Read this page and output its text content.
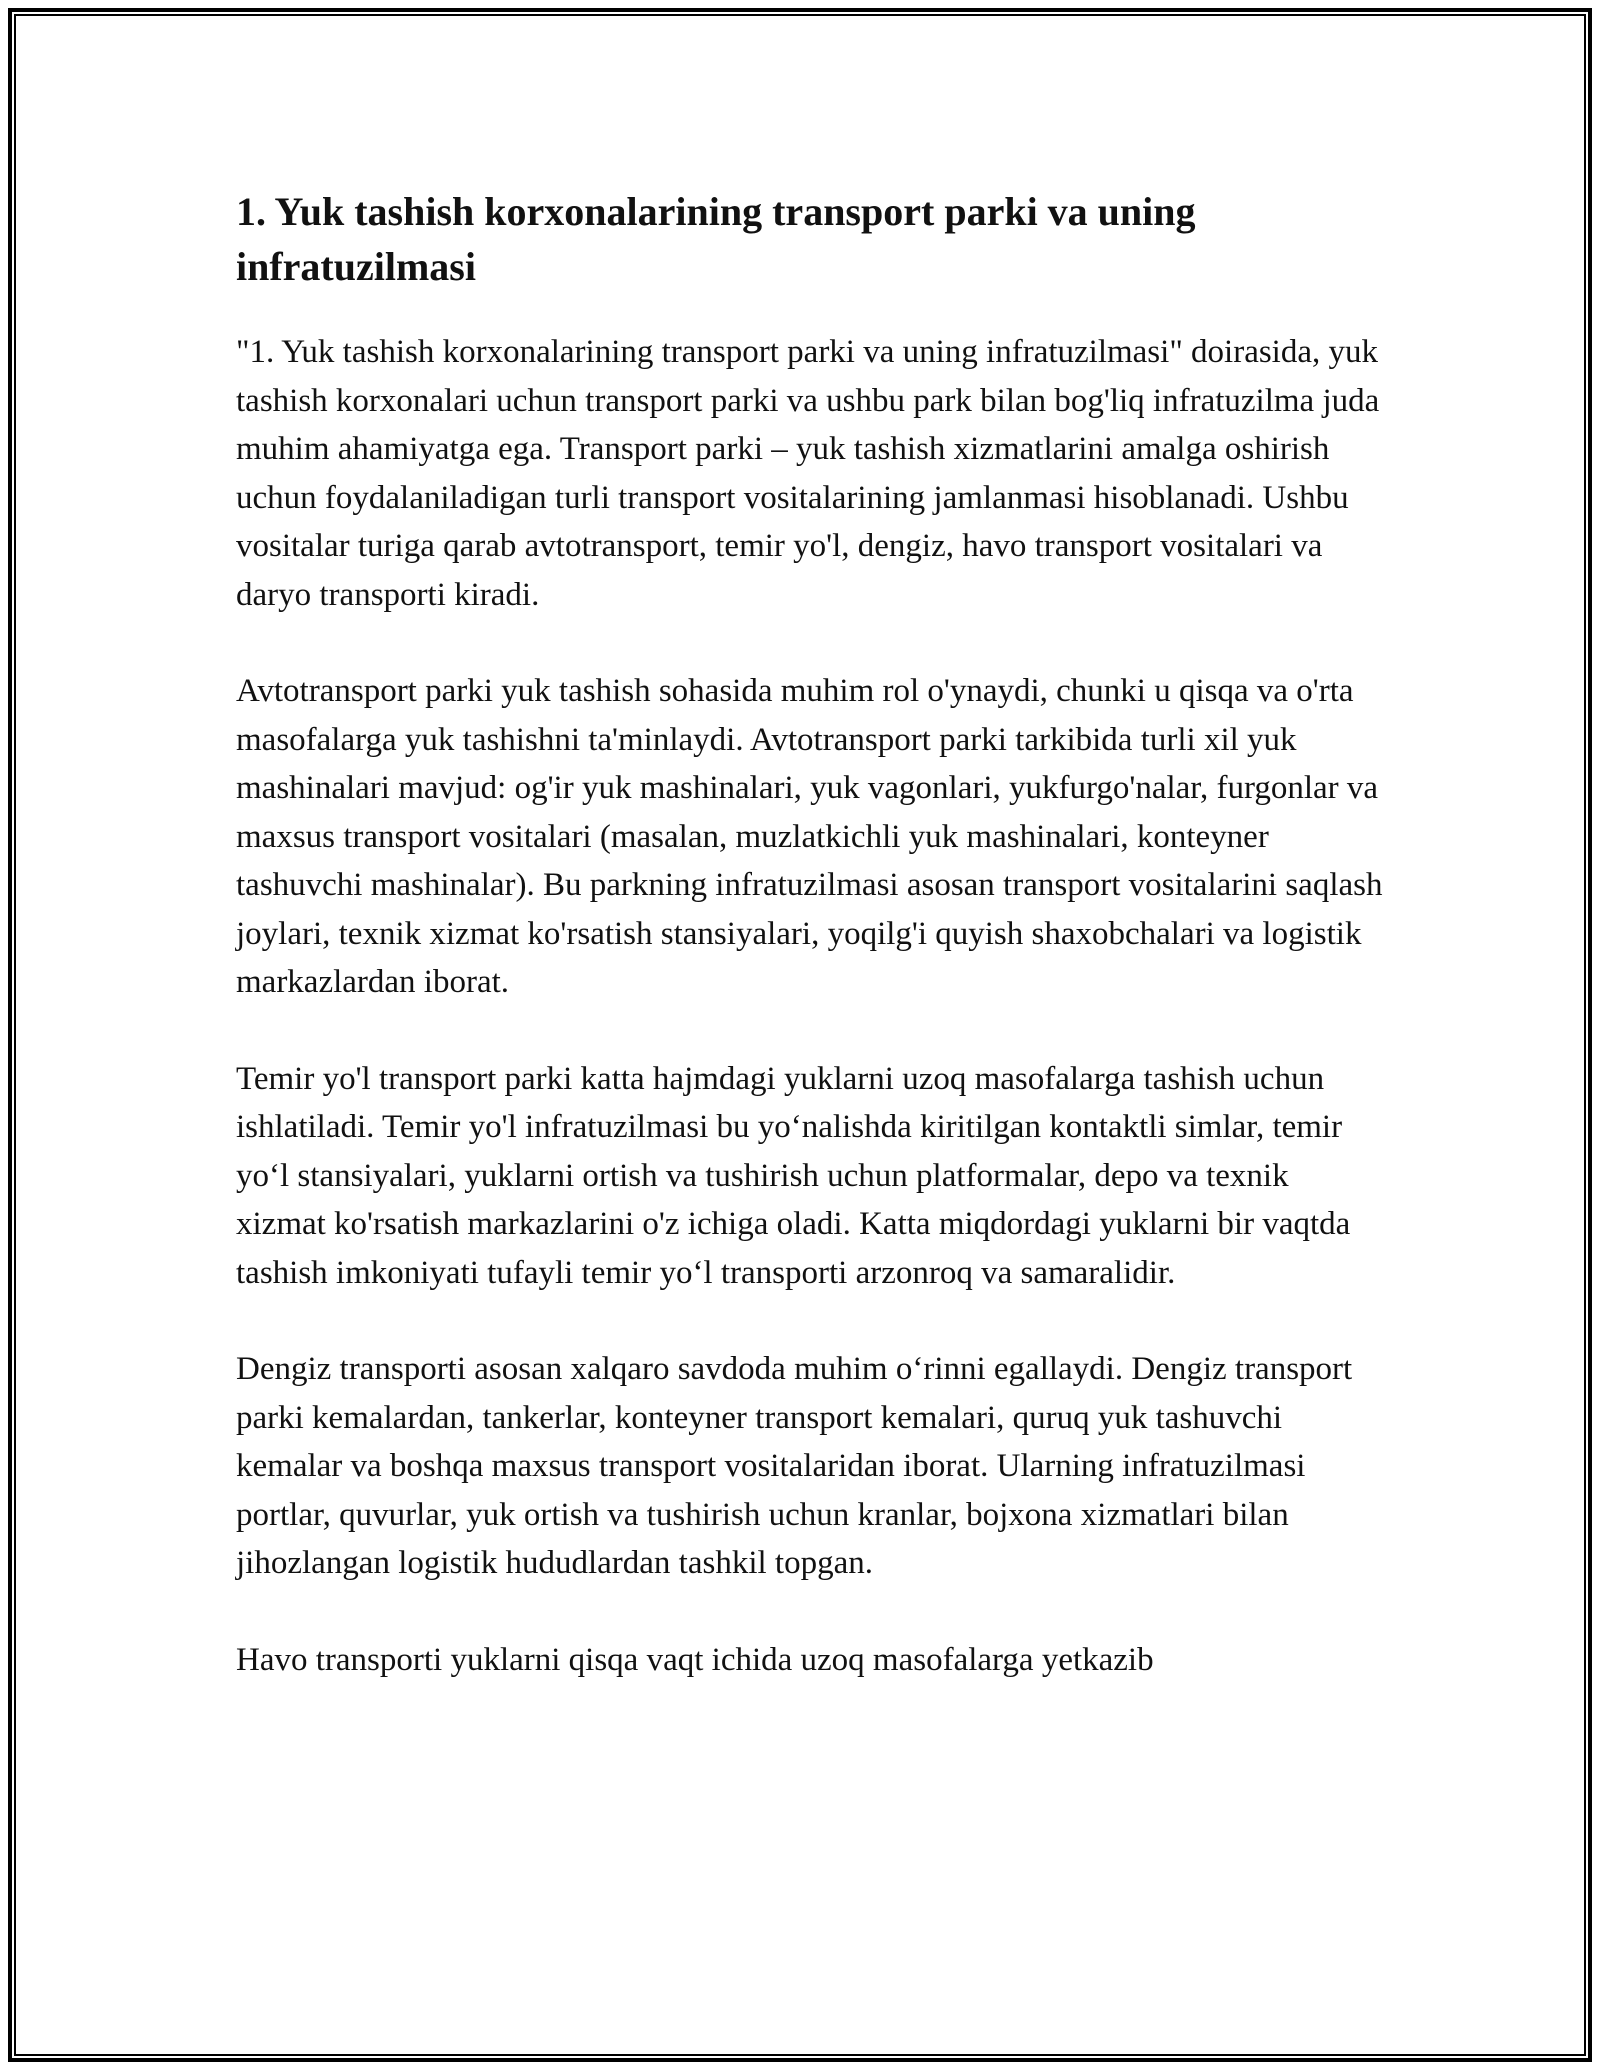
1. Yuk tashish korxonalarining transport parki va uning infratuzilmasi

"1. Yuk tashish korxonalarining transport parki va uning infratuzilmasi" doirasida, yuk tashish korxonalari uchun transport parki va ushbu park bilan bog'liq infratuzilma juda muhim ahamiyatga ega. Transport parki – yuk tashish xizmatlarini amalga oshirish uchun foydalaniladigan turli transport vositalarining jamlanmasi hisoblanadi. Ushbu vositalar turiga qarab avtotransport, temir yo'l, dengiz, havo transport vositalari va daryo transporti kiradi.

Avtotransport parki yuk tashish sohasida muhim rol o'ynaydi, chunki u qisqa va o'rta masofalarga yuk tashishni ta'minlaydi. Avtotransport parki tarkibida turli xil yuk mashinalari mavjud: og'ir yuk mashinalari, yuk vagonlari, yukfurgo'nalar, furgonlar va maxsus transport vositalari (masalan, muzlatkichli yuk mashinalari, konteyner tashuvchi mashinalar). Bu parkning infratuzilmasi asosan transport vositalarini saqlash joylari, texnik xizmat ko'rsatish stansiyalari, yoqilg'i quyish shaxobchalari va logistik markazlardan iborat.

Temir yo'l transport parki katta hajmdagi yuklarni uzoq masofalarga tashish uchun ishlatiladi. Temir yo'l infratuzilmasi bu yo‘nalishda kiritilgan kontaktli simlar, temir yo‘l stansiyalari, yuklarni ortish va tushirish uchun platformalar, depo va texnik xizmat ko'rsatish markazlarini o'z ichiga oladi. Katta miqdordagi yuklarni bir vaqtda tashish imkoniyati tufayli temir yo‘l transporti arzonroq va samaralidir.

Dengiz transporti asosan xalqaro savdoda muhim o‘rinni egallaydi. Dengiz transport parki kemalardan, tankerlar, konteyner transport kemalari, quruq yuk tashuvchi kemalar va boshqa maxsus transport vositalaridan iborat. Ularning infratuzilmasi portlar, quvurlar, yuk ortish va tushirish uchun kranlar, bojxona xizmatlari bilan jihozlangan logistik hududlardan tashkil topgan.

Havo transporti yuklarni qisqa vaqt ichida uzoq masofalarga yetkazib
